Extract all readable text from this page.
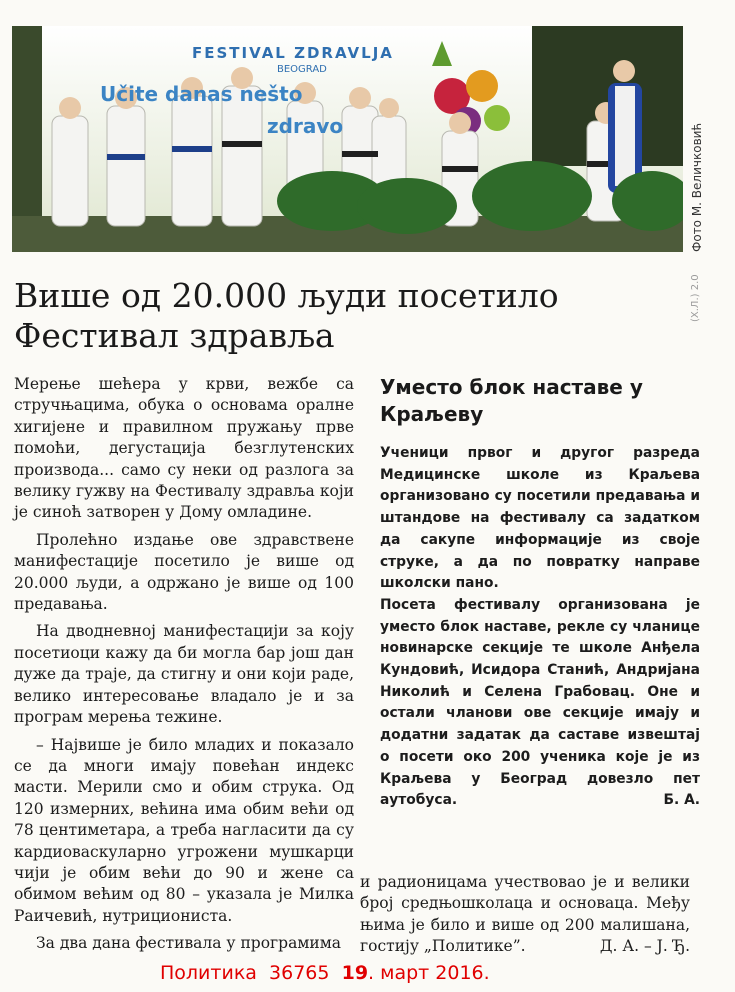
FESTIVAL ZDRAVLJA
BEOGRAD
Učite danas nešto
zdravo	Фото М. Величковић
(Х.Л.) 2.0
Више од 20.000 људи посетило
Фестивал здравља

Мерење шећера у крви, вежбе са стручњацима, обука о основама оралне хигијене и правилном пружању прве помоћи, дегустација безглутенских производа... само су неки од разлога за велику гужву на Фестивалу здравља који је синоћ затворен у Дому омладине.

Пролећно издање ове здравствене манифестације посетило је више од 20.000 људи, а одржано је више од 100 предавања.

На дводневној манифестацији за коју посетиоци кажу да би могла бар још дан дуже да траје, да стигну и они који раде, велико интересовање владало је и за програм мерења тежине.

– Највише је било младих и показало се да многи имају повећан индекс масти. Мерили смо и обим струка. Од 120 измерних, већина има обим већи од 78 центиметара, а треба нагласити да су кардиоваскуларно угрожени мушкарци чији је обим већи до 90 и жене са обимом већим од 80 – указала је Милка Раичевић, нутриционистa.

За два дана фестивала у програмима

Уместо блок наставе у Краљеву

Ученици првог и другог разреда Медицинске школе из Краљева организовано су посетили предавања и штандове на фестивалу са задатком да сакупе информације из своје струке, а да по повратку направе школски пано.

Посета фестивалу организована је уместо блок наставе, рекле су чланице новинарске секције те школе Анђела Кундовић, Исидора Станић, Андријана Николић и Селена Грабовац. Оне и остали чланови ове секције имају и додатни задатак да саставе извештај о посети око 200 ученика које је из Краљева у Београд довезло пет аутобуса.	Б. А.

и радионицама учествовао је и велики број средњошколаца и основаца. Међу њима је било и више од 200 малишана, гостију „Политике”.	Д. А. – Ј. Ђ.
Политика 36765 19. март 2016.
